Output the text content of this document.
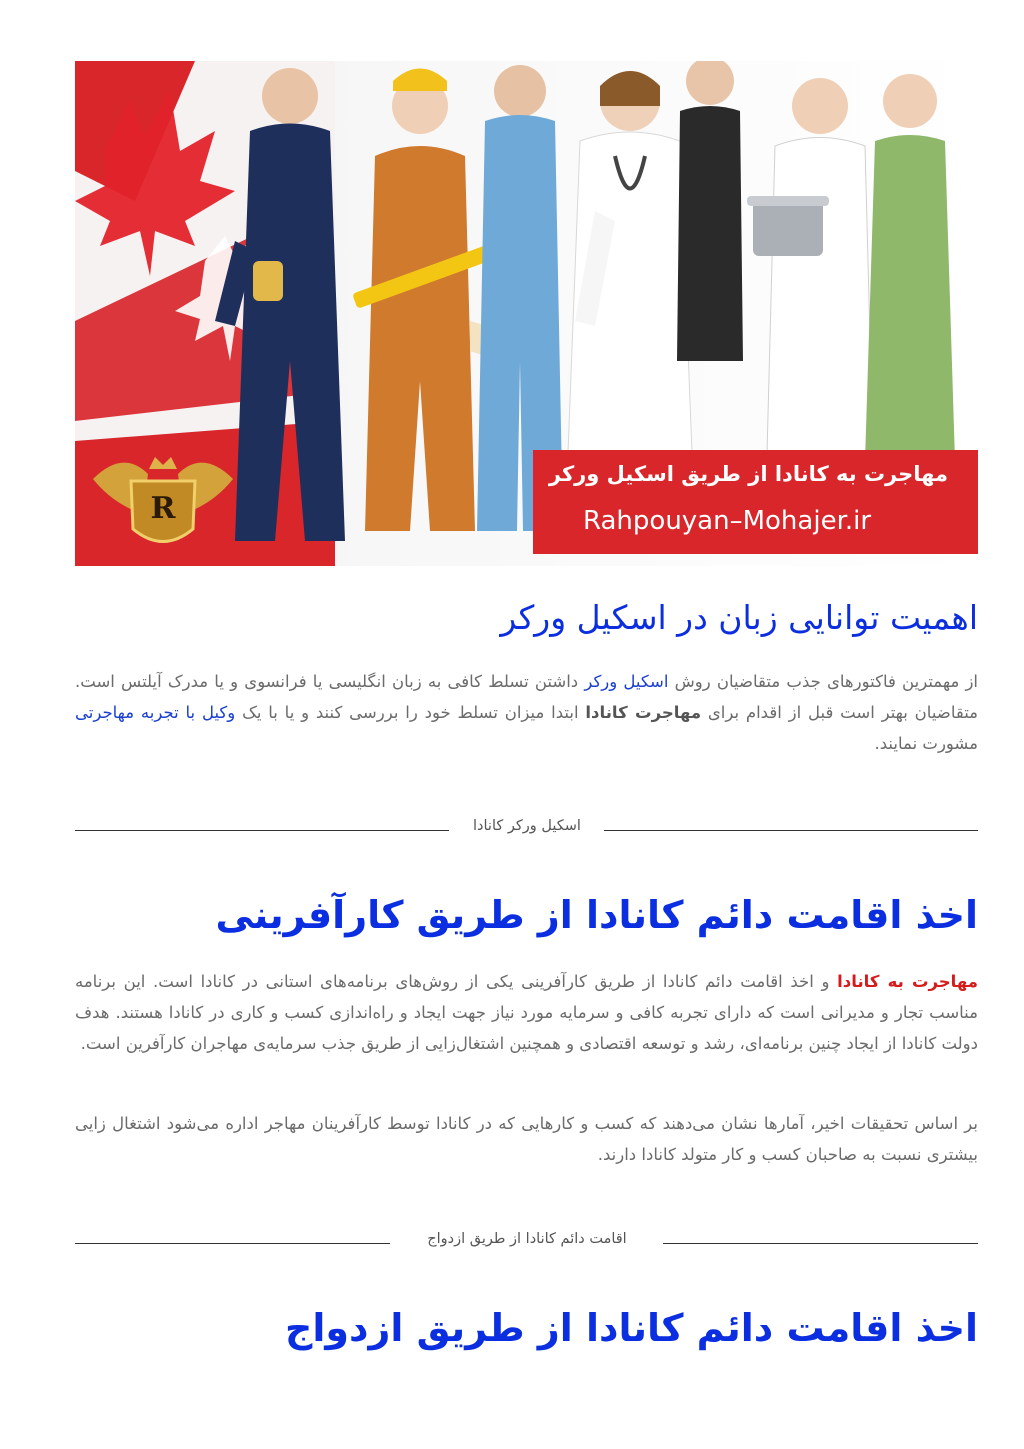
R
مهاجرت به کانادا از طریق اسکیل ورکر
Rahpouyan–Mohajer.ir
اهمیت توانایی زبان در اسکیل ورکر

از مهمترین فاکتورهای جذب متقاضیان روش اسکیل ورکر داشتن تسلط کافی به زبان انگلیسی یا فرانسوی و یا مدرک آیلتس است. متقاضیان بهتر است قبل از اقدام برای مهاجرت کانادا ابتدا میزان تسلط خود را بررسی کنند و یا با یک وکیل با تجربه مهاجرتی مشورت نمایند.

اسکیل ورکر کانادا
اخذ اقامت دائم کانادا از طریق کارآفرینی

مهاجرت به کانادا و اخذ اقامت دائم کانادا از طریق کارآفرینی یکی از روش‌های برنامه‌های استانی در کانادا است. این برنامه مناسب تجار و مدیرانی است که دارای تجربه کافی و سرمایه مورد نیاز جهت ایجاد و راه‌اندازی کسب و کاری در کانادا هستند. هدف دولت کانادا از ایجاد چنین برنامه‌ای، رشد و توسعه اقتصادی و همچنین اشتغال‌زایی از طریق جذب سرمایه‌ی مهاجران کارآفرین است.

بر اساس تحقیقات اخیر، آمارها نشان می‌دهند که کسب و کارهایی که در کانادا توسط کارآفرینان مهاجر اداره می‌شود اشتغال زایی بیشتری نسبت به صاحبان کسب و کار متولد کانادا دارند.

اقامت دائم کانادا از طریق ازدواج
اخذ اقامت دائم کانادا از طریق ازدواج
